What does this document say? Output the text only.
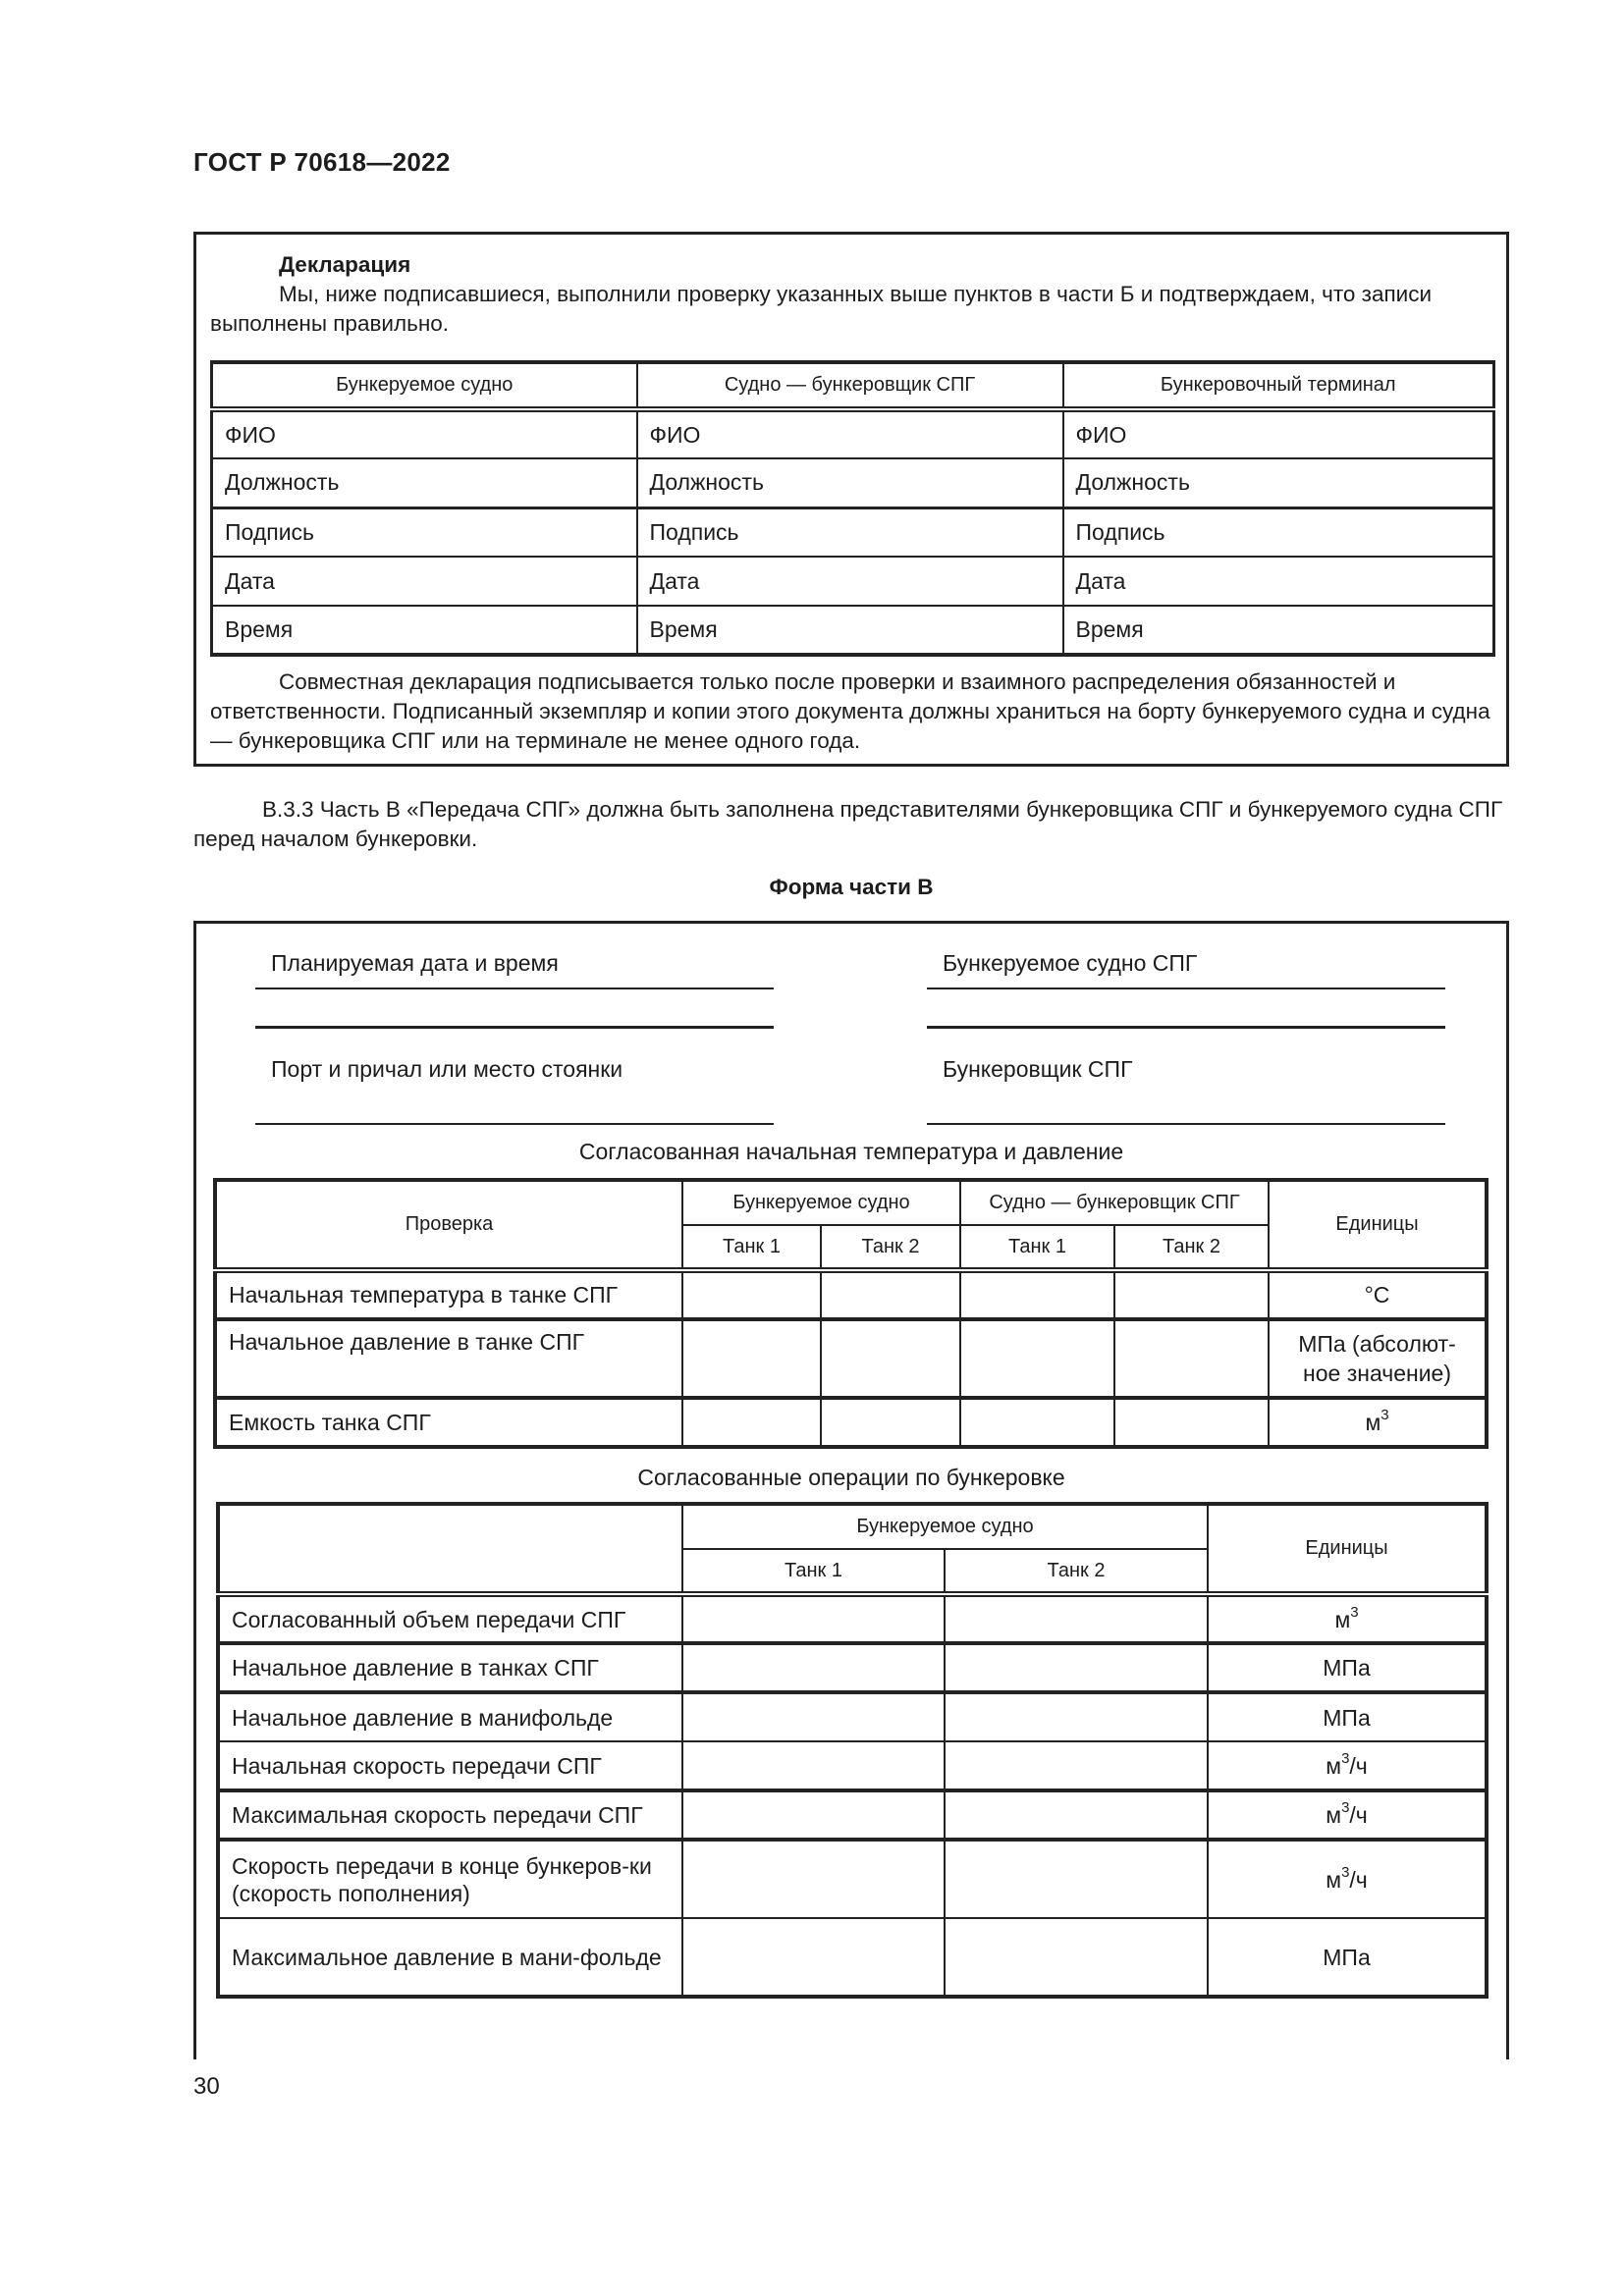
ГОСТ Р 70618—2022

Декларация

Мы, ниже подписавшиеся, выполнили проверку указанных выше пунктов в части Б и подтверждаем, что записи выполнены правильно.

Бункеруемое судно	Судно — бункеровщик СПГ	Бункеровочный терминал
ФИО	ФИО	ФИО
Должность	Должность	Должность
Подпись	Подпись	Подпись
Дата	Дата	Дата
Время	Время	Время

Совместная декларация подписывается только после проверки и взаимного распределения обязанностей и ответственности. Подписанный экземпляр и копии этого документа должны храниться на борту бункеруемого судна и судна — бункеровщика СПГ или на терминале не менее одного года.

В.3.3 Часть В «Передача СПГ» должна быть заполнена представителями бункеровщика СПГ и бункеруемого судна СПГ перед началом бункеровки.

Форма части В
Планируемая дата и время	Бункеруемое судно СПГ
Порт и причал или место стоянки	Бункеровщик СПГ
Согласованная начальная температура и давление
Проверка	Бункеруемое судно		Судно — бункеровщик СПГ		Единицы
	Танк 1	Танк 2	Танк 1	Танк 2	
Начальная температура в танке СПГ					°C
Начальное давление в танке СПГ					МПа (абсолют-ное значение)
Емкость танка СПГ					$м^3$
Согласованные операции по бункеровке
	Бункеруемое судно		Единицы
	Танк 1	Танк 2	
Согласованный объем передачи СПГ			$м^3$
Начальное давление в танках СПГ			МПа
Начальное давление в манифольде			МПа
Начальная скорость передачи СПГ			$м^3/ч$
Максимальная скорость передачи СПГ			$м^3/ч$
Скорость передачи в конце бункеров-ки (скорость пополнения)			$м^3/ч$
Максимальное давление в мани-фольде			МПа
30
